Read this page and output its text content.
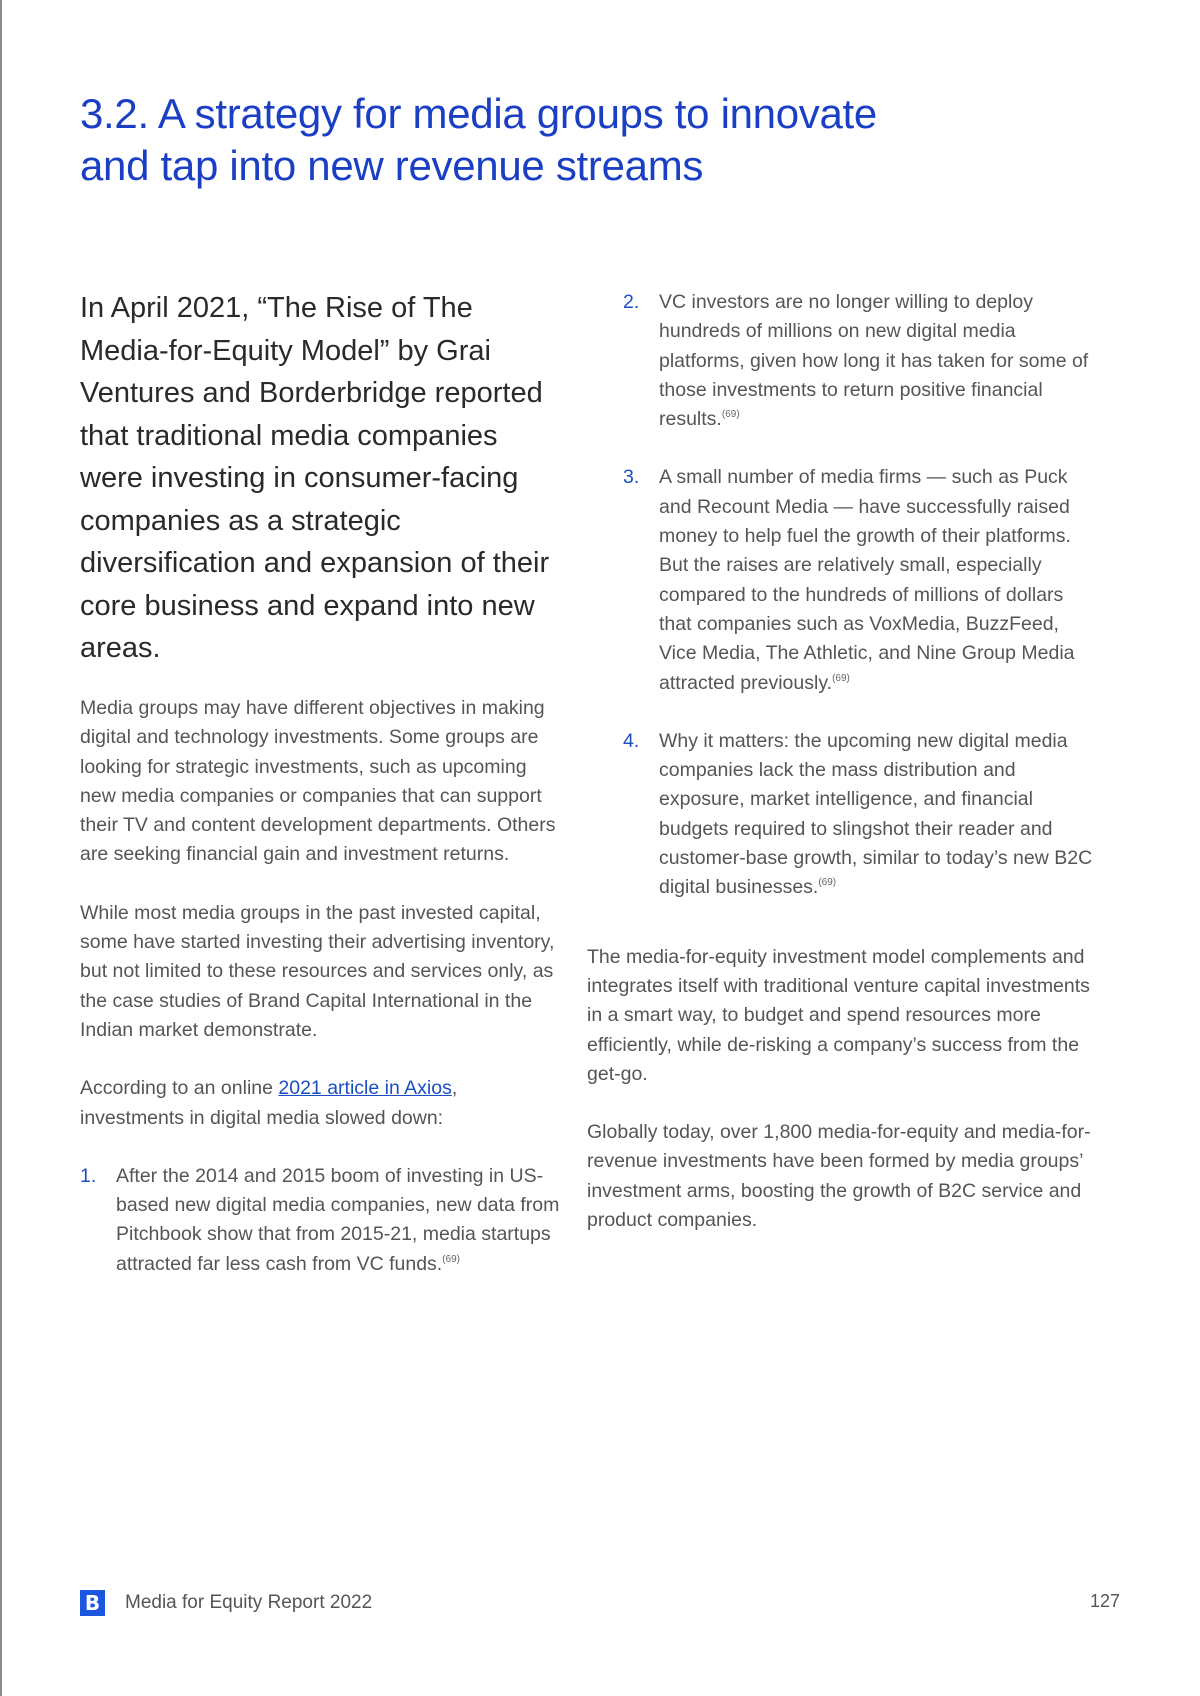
3.2. A strategy for media groups to innovate
and tap into new revenue streams

In April 2021, “The Rise of The Media-for-Equity Model” by Grai Ventures and Borderbridge reported that traditional media companies were investing in consumer-facing companies as a strategic diversification and expansion of their core business and expand into new areas.

Media groups may have different objectives in making digital and technology investments. Some groups are looking for strategic investments, such as upcoming new media companies or companies that can support their TV and content development departments. Others are seeking financial gain and investment returns.

While most media groups in the past invested capital, some have started investing their advertising inventory, but not limited to these resources and services only, as the case studies of Brand Capital International in the Indian market demonstrate.

According to an online 2021 article in Axios, investments in digital media slowed down:

1.	After the 2014 and 2015 boom of investing in US-based new digital media companies, new data from Pitchbook show that from 2015-21, media startups attracted far less cash from VC funds.$^{(69)}$
2.	VC investors are no longer willing to deploy hundreds of millions on new digital media platforms, given how long it has taken for some of those investments to return positive financial results.$^{(69)}$
3.	A small number of media firms — such as Puck and Recount Media — have successfully raised money to help fuel the growth of their platforms. But the raises are relatively small, especially compared to the hundreds of millions of dollars that companies such as VoxMedia, BuzzFeed, Vice Media, The Athletic, and Nine Group Media attracted previously.$^{(69)}$
4.	Why it matters: the upcoming new digital media companies lack the mass distribution and exposure, market intelligence, and financial budgets required to slingshot their reader and customer-base growth, similar to today’s new B2C digital businesses.$^{(69)}$

The media-for-equity investment model complements and integrates itself with traditional venture capital investments in a smart way, to budget and spend resources more efficiently, while de-risking a company’s success from the get-go.

Globally today, over 1,800 media-for-equity and media-for-revenue investments have been formed by media groups’ investment arms, boosting the growth of B2C service and product companies.

B Media for Equity Report 2022	127
